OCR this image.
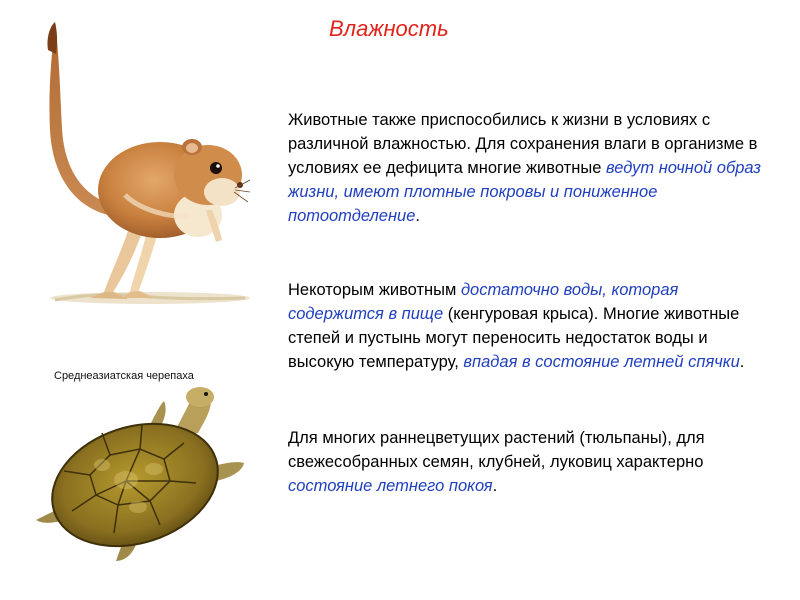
Влажность
Среднеазиатская черепаха

Животные также приспособились к жизни в условиях с различной влажностью. Для сохранения влаги в организме в условиях ее дефицита многие животные ведут ночной образ жизни, имеют плотные покровы и пониженное потоотделение.

Некоторым животным достаточно воды, которая содержится в пище (кенгуровая крыса). Многие животные степей и пустынь могут переносить недостаток воды и высокую температуру, впадая в состояние летней спячки.

Для многих раннецветущих растений (тюльпаны), для свежесобранных семян, клубней, луковиц характерно состояние летнего покоя.
